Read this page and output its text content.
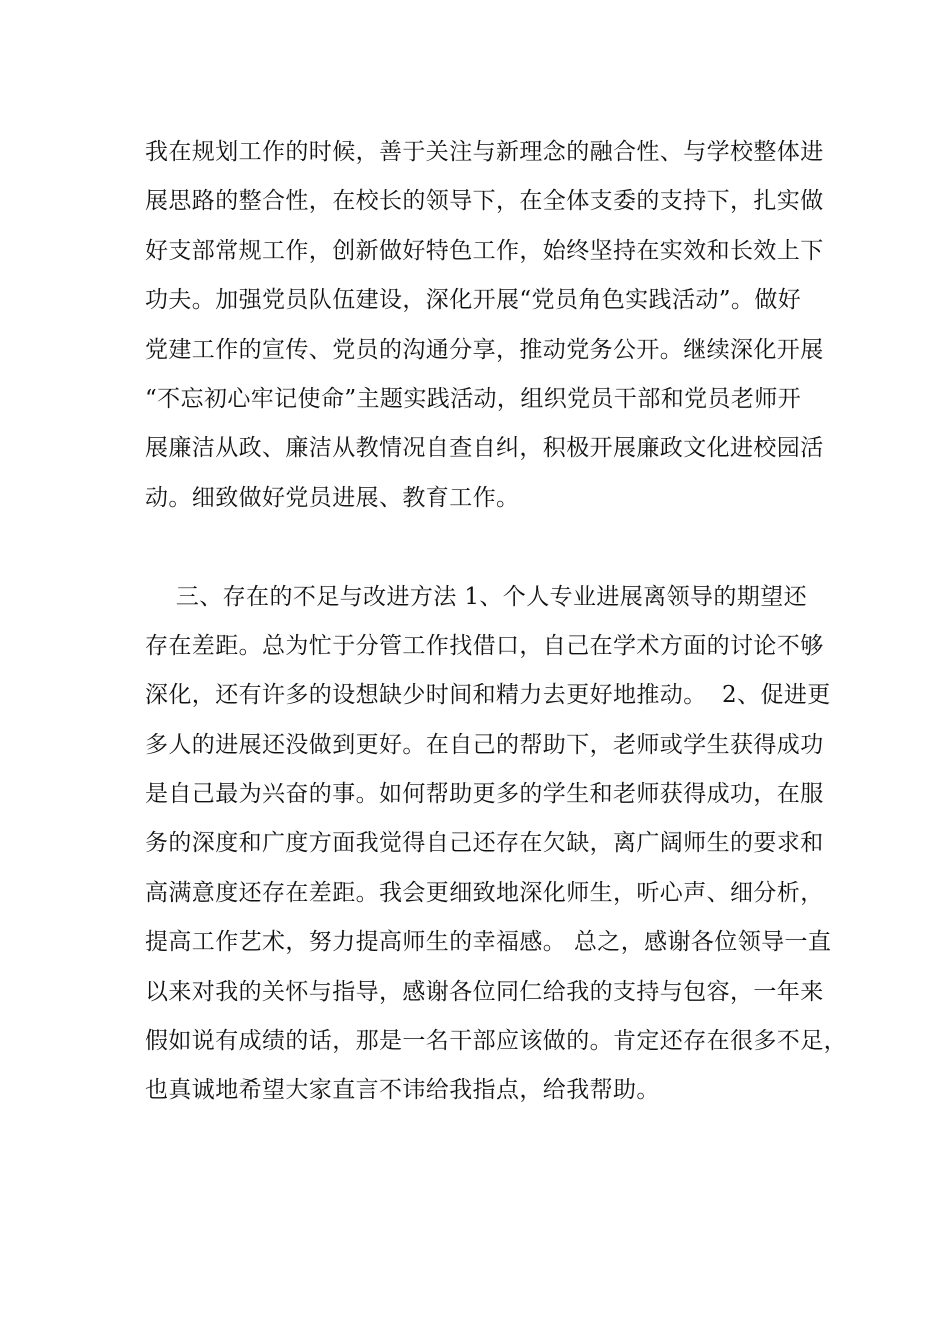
我在规划工作的时候，善于关注与新理念的融合性、与学校整体进
展思路的整合性，在校长的领导下，在全体支委的支持下，扎实做
好支部常规工作，创新做好特色工作，始终坚持在实效和长效上下
功夫。加强党员队伍建设，深化开展“党员角色实践活动”。做好
党建工作的宣传、党员的沟通分享，推动党务公开。继续深化开展
“不忘初心牢记使命”主题实践活动，组织党员干部和党员老师开
展廉洁从政、廉洁从教情况自查自纠，积极开展廉政文化进校园活
动。细致做好党员进展、教育工作。
三、存在的不足与改进方法 1、个人专业进展离领导的期望还
存在差距。总为忙于分管工作找借口，自己在学术方面的讨论不够
深化，还有许多的设想缺少时间和精力去更好地推动。  2、促进更
多人的进展还没做到更好。在自己的帮助下，老师或学生获得成功
是自己最为兴奋的事。如何帮助更多的学生和老师获得成功，在服
务的深度和广度方面我觉得自己还存在欠缺，离广阔师生的要求和
高满意度还存在差距。我会更细致地深化师生，听心声、细分析，
提高工作艺术，努力提高师生的幸福感。 总之，感谢各位领导一直
以来对我的关怀与指导，感谢各位同仁给我的支持与包容，一年来
假如说有成绩的话，那是一名干部应该做的。肯定还存在很多不足，
也真诚地希望大家直言不讳给我指点，给我帮助。
